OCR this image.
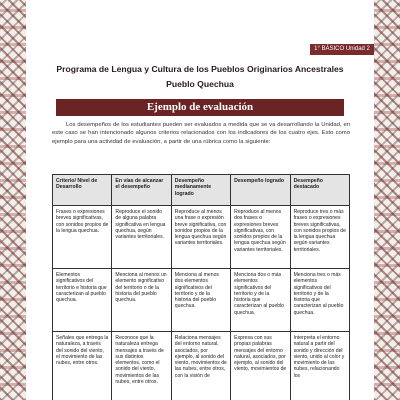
1° BÁSICO Unidad 2
Programa de Lengua y Cultura de los Pueblos Originarios Ancestrales
Pueblo Quechua
Ejemplo de evaluación

Los desempeños de los estudiantes pueden ser evaluados a medida que se va desarrollando la Unidad, en este caso se han intencionado algunos criterios relacionados con los indicadores de los cuatro ejes. Esto como ejemplo para una actividad de evaluación, a partir de una rúbrica como la siguiente:

Criterio/ Nivel de Desarrollo	En vías de alcanzar el desempeño	Desempeño medianamente logrado	Desempeño logrado	Desempeño destacado
Frases o expresiones breves significativas, con sonidos propios de la lengua quechua.	Reproduce el sonido de alguna palabra significativa en lengua quechua, según variantes territoriales.	Reproduce al menos una frase o expresión breve significativa, con sonidos propios de la lengua quechua según variantes territoriales.	Reproduce al menos dos frases o expresiones breves significativas, con sonidos propios de la lengua quechua según variantes territoriales.	Reproduce tres o más frases o expresiones breves significativas, con sonidos propios de la lengua quechua según variantes territoriales.
Elementos significativos del territorio e historia que caracterizan al pueblo quechua.	Menciona al menos un elemento significativo del territorio o de la historia del pueblo quechua.	Menciona al menos dos elementos significativos del territorio y de la historia del pueblo quechua.	Menciona dos o más elementos significativos del territorio y de la historia que caracterizan al pueblo quechua.	Menciona tres o más elementos significativos del territorio y de la historia que caracterizan al pueblo quechua.
Señales que entrega la naturaleza, a través del sonido del viento, el movimiento de las nubes, entre otros.	Reconoce que la naturaleza entrega mensajes a través de sus distintos elementos, como el sonido del viento, movimientos de las nubes, entre otros.	Relaciona mensajes del entorno natural, asociados, por ejemplo, al sonido del viento, movimientos de las nubes, entre otros, con la visión de	Expresa con sus propias palabras mensajes del entorno natural, asociados, por ejemplo, al sonido del viento, movimientos de	Interpreta el entorno natural a partir del sonido y dirección del viento, unido al color y movimiento de las nubes, relacionando los
